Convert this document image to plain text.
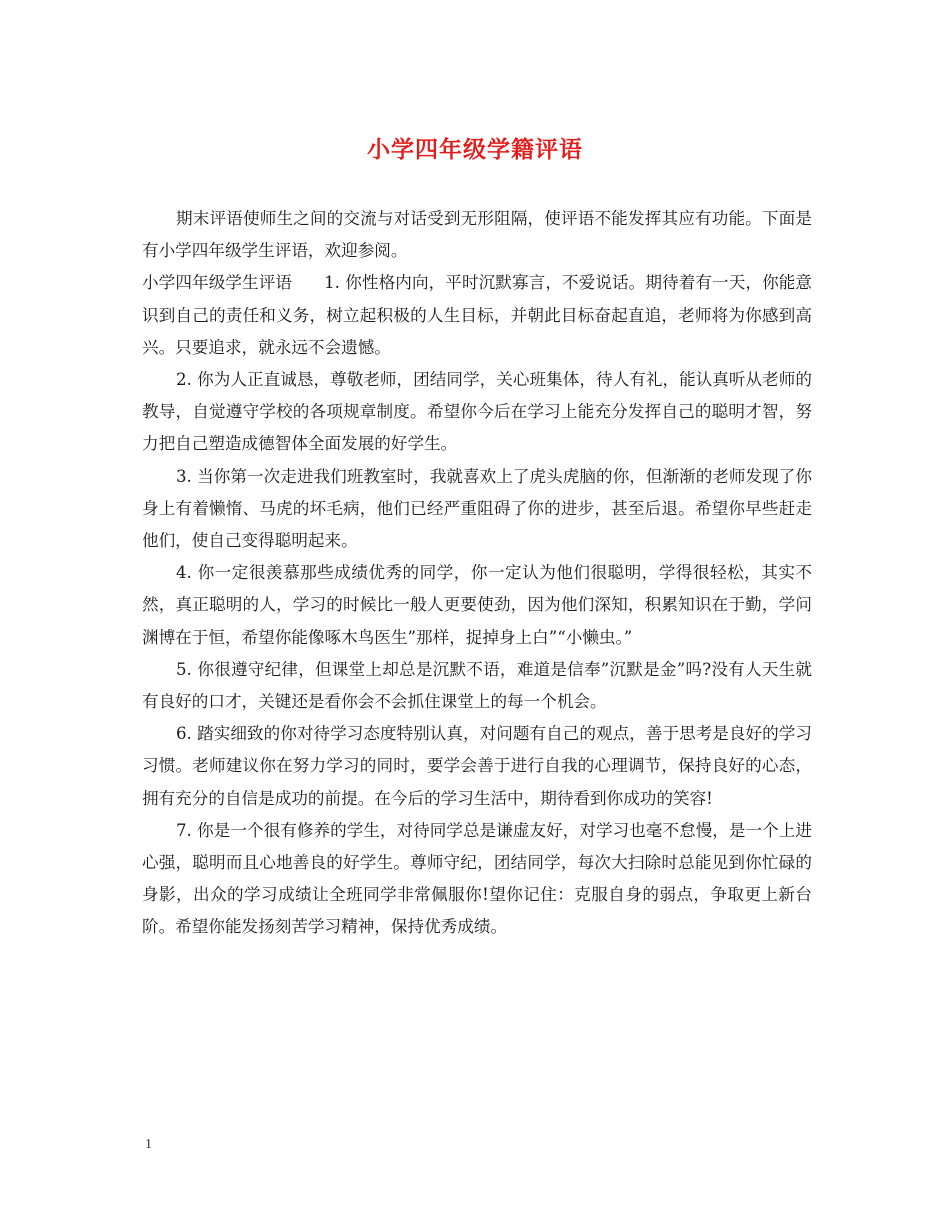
小学四年级学籍评语

期末评语使师生之间的交流与对话受到无形阻隔，使评语不能发挥其应有功能。下面是有小学四年级学生评语，欢迎参阅。

小学四年级学生评语 1. 你性格内向，平时沉默寡言，不爱说话。期待着有一天，你能意识到自己的责任和义务，树立起积极的人生目标，并朝此目标奋起直追，老师将为你感到高兴。只要追求，就永远不会遗憾。

2. 你为人正直诚恳，尊敬老师，团结同学，关心班集体，待人有礼，能认真听从老师的教导，自觉遵守学校的各项规章制度。希望你今后在学习上能充分发挥自己的聪明才智，努力把自己塑造成德智体全面发展的好学生。

3. 当你第一次走进我们班教室时，我就喜欢上了虎头虎脑的你，但渐渐的老师发现了你身上有着懒惰、马虎的坏毛病，他们已经严重阻碍了你的进步，甚至后退。希望你早些赶走他们，使自己变得聪明起来。

4. 你一定很羡慕那些成绩优秀的同学，你一定认为他们很聪明，学得很轻松，其实不然，真正聪明的人，学习的时候比一般人更要使劲，因为他们深知，积累知识在于勤，学问渊博在于恒，希望你能像啄木鸟医生”那样，捉掉身上白”“小懒虫。”

5. 你很遵守纪律，但课堂上却总是沉默不语，难道是信奉”沉默是金”吗?没有人天生就有良好的口才，关键还是看你会不会抓住课堂上的每一个机会。

6. 踏实细致的你对待学习态度特别认真，对问题有自己的观点，善于思考是良好的学习习惯。老师建议你在努力学习的同时，要学会善于进行自我的心理调节，保持良好的心态，拥有充分的自信是成功的前提。在今后的学习生活中，期待看到你成功的笑容!

7. 你是一个很有修养的学生，对待同学总是谦虚友好，对学习也毫不怠慢，是一个上进心强，聪明而且心地善良的好学生。尊师守纪，团结同学，每次大扫除时总能见到你忙碌的身影，出众的学习成绩让全班同学非常佩服你!望你记住：克服自身的弱点，争取更上新台阶。希望你能发扬刻苦学习精神，保持优秀成绩。

1
